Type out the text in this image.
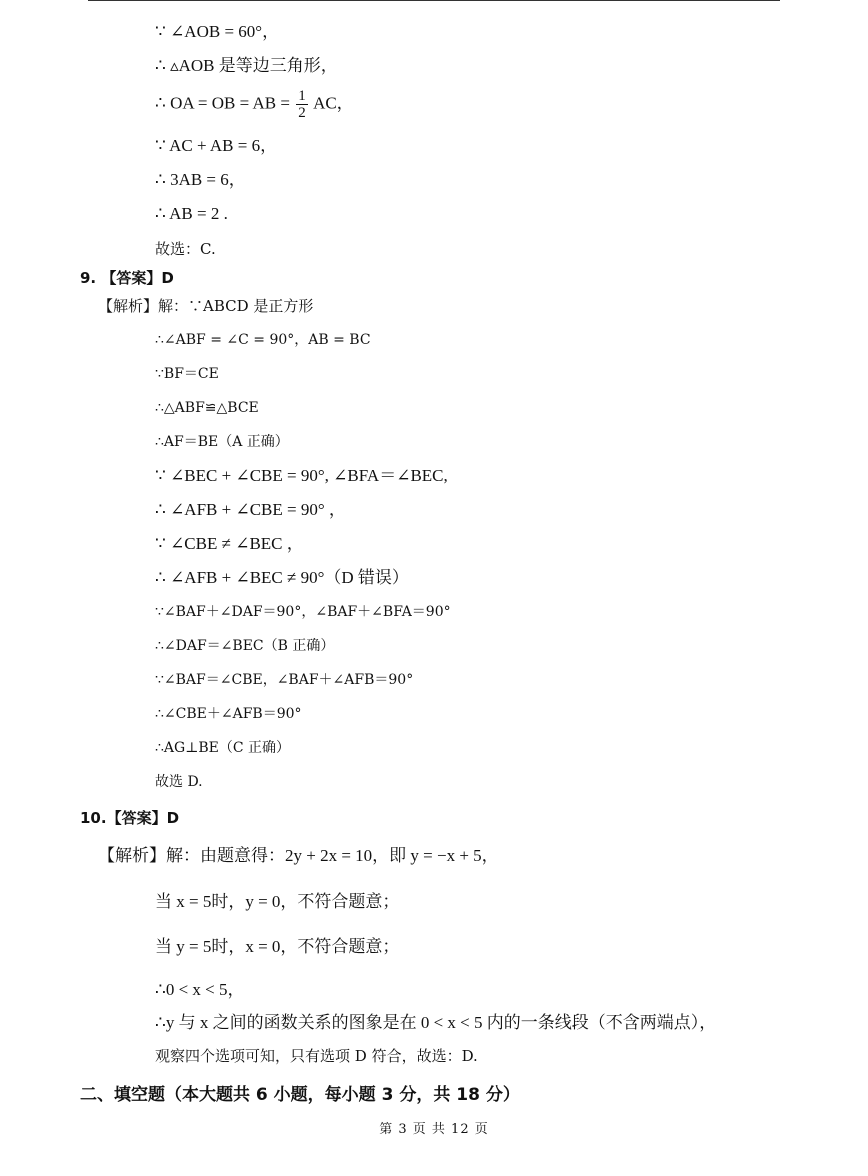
∵ ∠AOB = 60°，
∴ ▵AOB 是等边三角形，
∴ OA = OB = AB = $\frac{1}{2}$ AC，
∵ AC + AB = 6，
∴ 3AB = 6，
∴ AB = 2 .
故选：C.
9. 【答案】D
【解析】解：∵ABCD 是正方形
∴∠ABF = ∠C = 90°，AB = BC
∵BF＝CE
∴△ABF≌△BCE
∴AF＝BE（A 正确）
∵ ∠BEC + ∠CBE = 90°, ∠BFA＝∠BEC,
∴ ∠AFB + ∠CBE = 90° ，
∵ ∠CBE ≠ ∠BEC ，
∴ ∠AFB + ∠BEC ≠ 90°（D 错误）
∵∠BAF＋∠DAF＝90°，∠BAF＋∠BFA＝90°
∴∠DAF＝∠BEC（B 正确）
∵∠BAF＝∠CBE，∠BAF＋∠AFB＝90°
∴∠CBE＋∠AFB＝90°
∴AG⊥BE（C 正确）
故选 D.
10.【答案】D
【解析】解：由题意得：2y + 2x = 10，即 y = −x + 5，
当 x = 5时，y = 0，不符合题意；
当 y = 5时，x = 0，不符合题意；
∴0 < x < 5，
∴y 与 x 之间的函数关系的图象是在 0 < x < 5 内的一条线段（不含两端点），
观察四个选项可知，只有选项 D 符合，故选：D.
二、填空题（本大题共 6 小题，每小题 3 分，共 18 分）
第 3 页 共 12 页
